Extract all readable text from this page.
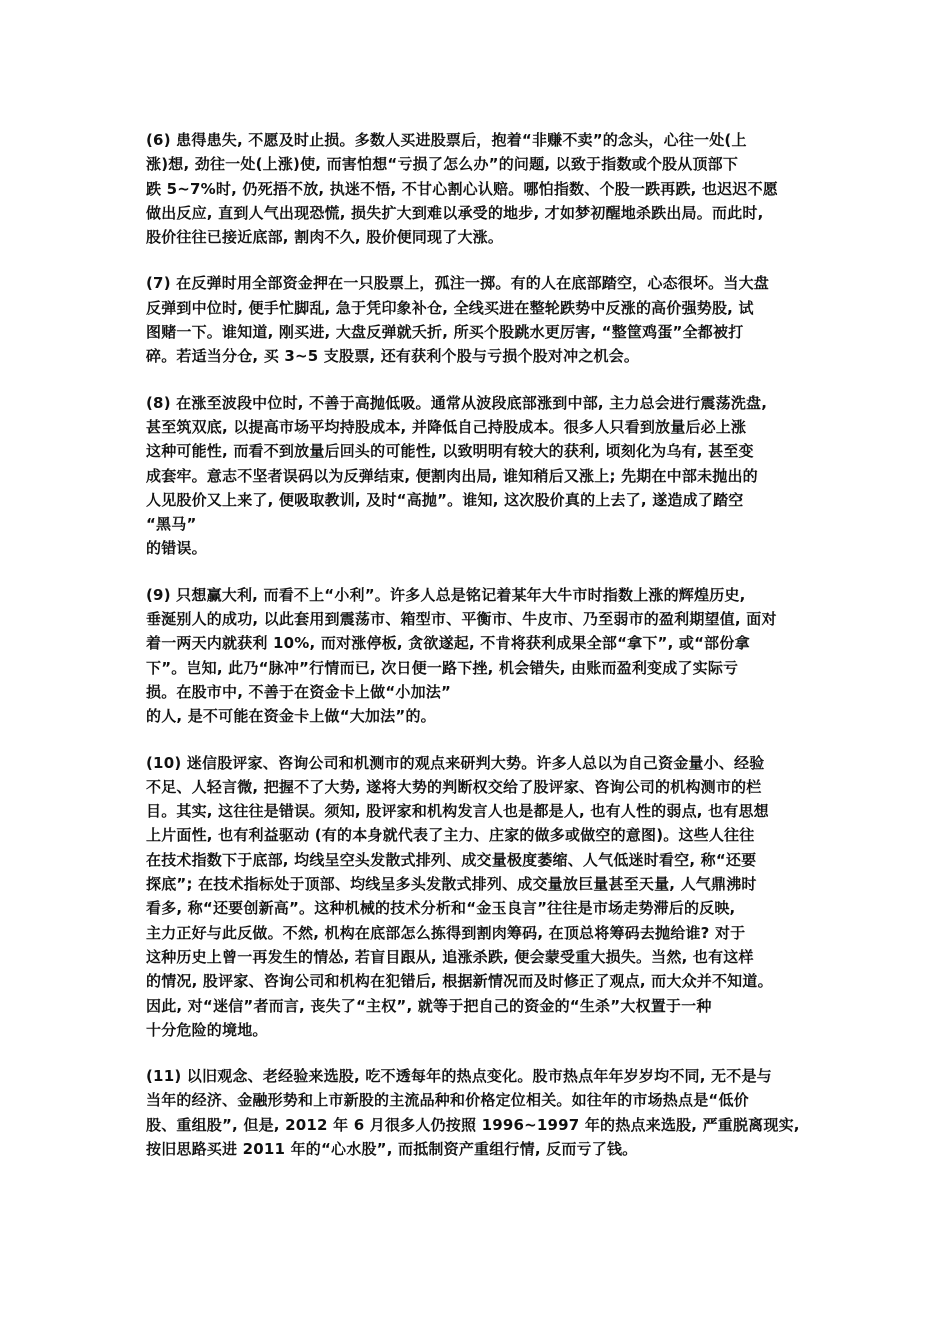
(6) 患得患失, 不愿及时止损。多数人买进股票后，抱着“非赚不卖”的念头，心往一处(上
涨)想, 劲往一处(上涨)使, 而害怕想“亏损了怎么办”的问题, 以致于指数或个股从顶部下
跌 5~7%时, 仍死捂不放, 执迷不悟, 不甘心割心认赔。哪怕指数、个股一跌再跌, 也迟迟不愿
做出反应, 直到人气出现恐慌, 损失扩大到难以承受的地步, 才如梦初醒地杀跌出局。而此时,
股价往往已接近底部, 割肉不久, 股价便同现了大涨。
(7) 在反弹时用全部资金押在一只股票上，孤注一掷。有的人在底部踏空，心态很坏。当大盘
反弹到中位时, 便手忙脚乱, 急于凭印象补仓, 全线买进在整轮跌势中反涨的高价强势股, 试
图赌一下。谁知道, 刚买进, 大盘反弹就夭折, 所买个股跳水更厉害, “整筐鸡蛋”全都被打
碎。若适当分仓, 买 3~5 支股票, 还有获利个股与亏损个股对冲之机会。
(8) 在涨至波段中位时, 不善于高抛低吸。通常从波段底部涨到中部, 主力总会进行震荡洗盘,
甚至筑双底, 以提高市场平均持股成本, 并降低自己持股成本。很多人只看到放量后必上涨
这种可能性, 而看不到放量后回头的可能性, 以致明明有较大的获利, 顷刻化为乌有, 甚至变
成套牢。意志不坚者误码以为反弹结束, 便割肉出局, 谁知稍后又涨上; 先期在中部未抛出的
人见股价又上来了, 便吸取教训, 及时“高抛”。谁知, 这次股价真的上去了, 遂造成了踏空
“黑马”
的错误。
(9) 只想赢大利, 而看不上“小利”。许多人总是铭记着某年大牛市时指数上涨的辉煌历史,
垂涎别人的成功, 以此套用到震荡市、箱型市、平衡市、牛皮市、乃至弱市的盈利期望值, 面对
着一两天内就获利 10%, 而对涨停板, 贪欲遂起, 不肯将获利成果全部“拿下”, 或“部份拿
下”。岂知, 此乃“脉冲”行情而已, 次日便一路下挫, 机会错失, 由账而盈利变成了实际亏
损。在股市中, 不善于在资金卡上做“小加法”
的人, 是不可能在资金卡上做“大加法”的。
(10) 迷信股评家、咨询公司和机测市的观点来研判大势。许多人总以为自己资金量小、经验
不足、人轻言微, 把握不了大势, 遂将大势的判断权交给了股评家、咨询公司的机构测市的栏
目。其实, 这往往是错误。须知, 股评家和机构发言人也是都是人, 也有人性的弱点, 也有思想
上片面性, 也有利益驱动 (有的本身就代表了主力、庄家的做多或做空的意图)。这些人往往
在技术指数下于底部, 均线呈空头发散式排列、成交量极度萎缩、人气低迷时看空, 称“还要
探底”; 在技术指标处于顶部、均线呈多头发散式排列、成交量放巨量甚至天量, 人气鼎沸时
看多, 称“还要创新高”。这种机械的技术分析和“金玉良言”往往是市场走势滞后的反映,
主力正好与此反做。不然, 机构在底部怎么拣得到割肉筹码, 在顶总将筹码去抛给谁? 对于
这种历史上曾一再发生的情怂, 若盲目跟从, 追涨杀跌, 便会蒙受重大损失。当然, 也有这样
的情况, 股评家、咨询公司和机构在犯错后, 根据新情况而及时修正了观点, 而大众并不知道。
因此, 对“迷信”者而言, 丧失了“主权”, 就等于把自己的资金的“生杀”大权置于一种
十分危险的境地。
(11) 以旧观念、老经验来选股, 吃不透每年的热点变化。股市热点年年岁岁均不同, 无不是与
当年的经济、金融形势和上市新股的主流品种和价格定位相关。如往年的市场热点是“低价
股、重组股”, 但是, 2012 年 6 月很多人仍按照 1996~1997 年的热点来选股, 严重脱离现实,
按旧思路买进 2011 年的“心水股”, 而抵制资产重组行情, 反而亏了钱。
